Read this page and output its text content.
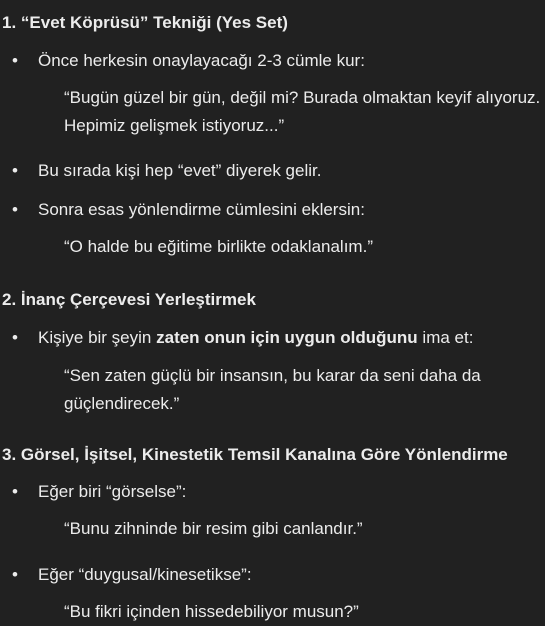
1. “Evet Köprüsü” Tekniği (Yes Set)
• Önce herkesin onaylayacağı 2-3 cümle kur:
“Bugün güzel bir gün, değil mi? Burada olmaktan keyif alıyoruz.
Hepimiz gelişmek istiyoruz...”
• Bu sırada kişi hep “evet” diyerek gelir.
• Sonra esas yönlendirme cümlesini eklersin:
“O halde bu eğitime birlikte odaklanalım.”
2. İnanç Çerçevesi Yerleştirmek
• Kişiye bir şeyin zaten onun için uygun olduğunu ima et:
“Sen zaten güçlü bir insansın, bu karar da seni daha da
güçlendirecek.”
3. Görsel, İşitsel, Kinestetik Temsil Kanalına Göre Yönlendirme
• Eğer biri “görselse”:
“Bunu zihninde bir resim gibi canlandır.”
• Eğer “duygusal/kinesetikse”:
“Bu fikri içinden hissedebiliyor musun?”
